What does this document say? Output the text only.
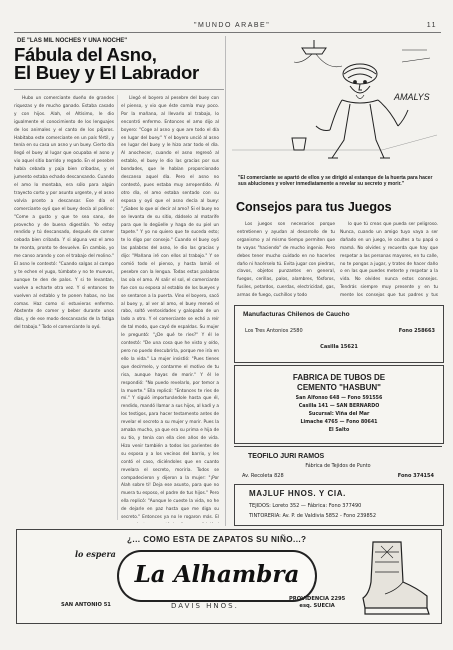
"MUNDO ARABE"	11
DE "LAS MIL NOCHES Y UNA NOCHE"
Fábula del Asno,
El Buey y El Labrador

Hubo un comerciante dueño de grandes riquezas y de mucho ganado. Estaba casado y con hijos. Alah, el Altísimo, le dio igualmente el conocimiento de los lenguajes de los animales y el canto de los pájaros. Habitaba este comerciante en un país fértil, y tenía en su casa un asno y un buey. Cierto día llegó el buey al lugar que ocupaba el asno y vio aquel sitio barrido y regado. En el pesebre había cebada y paja bien cribadas, y el jumento estaba echado descansando. Cuando el amo lo montaba, era sólo para algún trayecto corto y por asunto urgente, y el asno volvía pronto a descansar. Ese día el comerciante oyó que el buey decía al pollino: "Come a gusto y que te sea sano, de provecho y de buena digestión. Yo estoy rendido y tú descansado, después de comer cebada bien cribada. Y si alguna vez el amo te monta, pronto te devuelve. En cambio, yo me canso arando y con el trabajo del molino." El asno le contestó: "Cuando salgas al campo y te echen el yugo, túmbate y no te muevas, aunque te den de palos. Y si te levantan, vuelve a echarte otra vez. Y si entonces te vuelven al establo y te ponen habas, no las comas. Haz como si estuvieras enfermo. Abstente de comer y beber durante unos días, y de ese modo descansarás de la fatiga del trabajo." Todo el comerciante lo oyó.

Llegó el boyero al pesebre del buey con el pienso, y vio que éste comía muy poco. Por la mañana, al llevarlo al trabajo, lo encontró enfermo. Entonces el amo dijo al boyero: "Coge al asno y que are todo el día en lugar del buey." Y el boyero unció al asno en lugar del buey y le hizo arar todo el día. Al anochecer, cuando el asno regresó al establo, el buey le dio las gracias por sus bondades, que le habían proporcionado descanso aquel día. Pero el asno no contestó, pues estaba muy arrepentido. Al otro día, el amo estaba sentado con su esposa y oyó que el asno decía al buey: "¿Sabes lo que oí decir al amo? Si el buey no se levanta de su sitio, dádselo al matarife para que lo degüelle y haga de su piel un tapete." Y yo no quiero que te suceda esto; te lo digo por consejo." Cuando el buey oyó las palabras del asno, le dio las gracias y dijo: "Mañana iré con ellos al trabajo." Y se comió todo el pienso, y hasta lamió el pesebre con la lengua. Todas estas palabras las oía el amo. Al salir el sol, el comerciante fue con su esposa al establo de los bueyes y se sentaron a la puerta. Vino el boyero, sacó al buey y, al ver al amo, el buey meneó el rabo, soltó ventosidades y galopaba de un lado a otro. Y el comerciante se echó a reír de tal modo, que cayó de espaldas. Su mujer le preguntó: "¿De qué te ríes?" Y él le contestó: "De una cosa que he visto y oído, pero no puedo descubrirla, porque me iría en ello la vida." La mujer insistió: "Pues tienes que decírmelo, y contarme el motivo de tu risa, aunque hayas de morir." Y él le respondió: "No puedo revelarlo, por temor a la muerte." Ella replicó: "Entonces te ríes de mí." Y siguió importunándole hasta que él, rendido, mandó llamar a sus hijos, al kadí y a los testigos, para hacer testamento antes de revelar el secreto a su mujer y morir. Pues la amaba mucho, ya que era su prima e hija de su tío, y tenía con ella cien años de vida. Hizo venir también a todos los parientes de su esposa y a los vecinos del barrio, y les contó el caso, diciéndoles que en cuanto revelara el secreto, moriría. Todos se compadecieron y dijeron a la mujer: "¡Por Alah sobre ti! Deja ese asunto, para que no muera tu esposo, el padre de tus hijos." Pero ella replicó: "Aunque le cueste la vida, no he de dejarle en paz hasta que me diga su secreto." Entonces ya no le rogaron más. El

AMALYS
"El comerciante se apartó de ellos y se dirigió al estanque de la huerta para hacer sus abluciones y volver inmediatamente a revelar su secreto y morir."
Consejos para tus Juegos

Los juegos son necesarios porque entretienen y ayudan al desarrollo de tu organismo y al mismo tiempo permiten que te vayas "haciendo" de mucho ingenio. Pero debes tener mucho cuidado en no hacerles daño ni hacérselo tú. Evita jugar con piedras, clavos, objetos punzantes en general, fuegos, cerillas, palos, alambres, fósforos, fusiles, petardos, cuerdas, electricidad, gas, armas de fuego, cuchillos y todo

lo que tú creas que pueda ser peligroso. Nunca, cuando un amigo tuyo vaya a ser dañado en un juego, le ocultes a tu papá o mamá. No olvides y recuerda que hay que respetar a las personas mayores, en tu calle, no te pongas a jugar, y trates de hacer daño o en las que puedes meterte y respetar a la vida. No olvides nunca estos consejos. Tendrás siempre muy presente y en tu mente los consejos que tus padres y tus

Manufacturas Chilenos de Caucho
Los Tres Antonios 2580	Fono 258663
Casilla 15621
FABRICA DE TUBOS DE
CEMENTO "HASBUN"
San Alfonso 648 — Fono 591556
Casilla 141 — SAN BERNARDO
Sucursal: Viña del Mar
Limache 4765 — Fono 80641
El Salto
TEOFILO JURI RAMOS
Fábrica de Tejidos de Punto
Av. Recoleta 828	Fono 374154
MAJLUF HNOS. Y CIA.
TEJIDOS: Loreto 352 — Fábrica: Fono 377490
TINTORERIA: Av. P. de Valdivia 5852 - Fono 239852
¿... COMO ESTA DE ZAPATOS SU NIÑO...?
lo espera
La Alhambra
SAN ANTONIO 51	DAVIS HNOS.
PROVIDENCIA 2295
esq. SUECIA
